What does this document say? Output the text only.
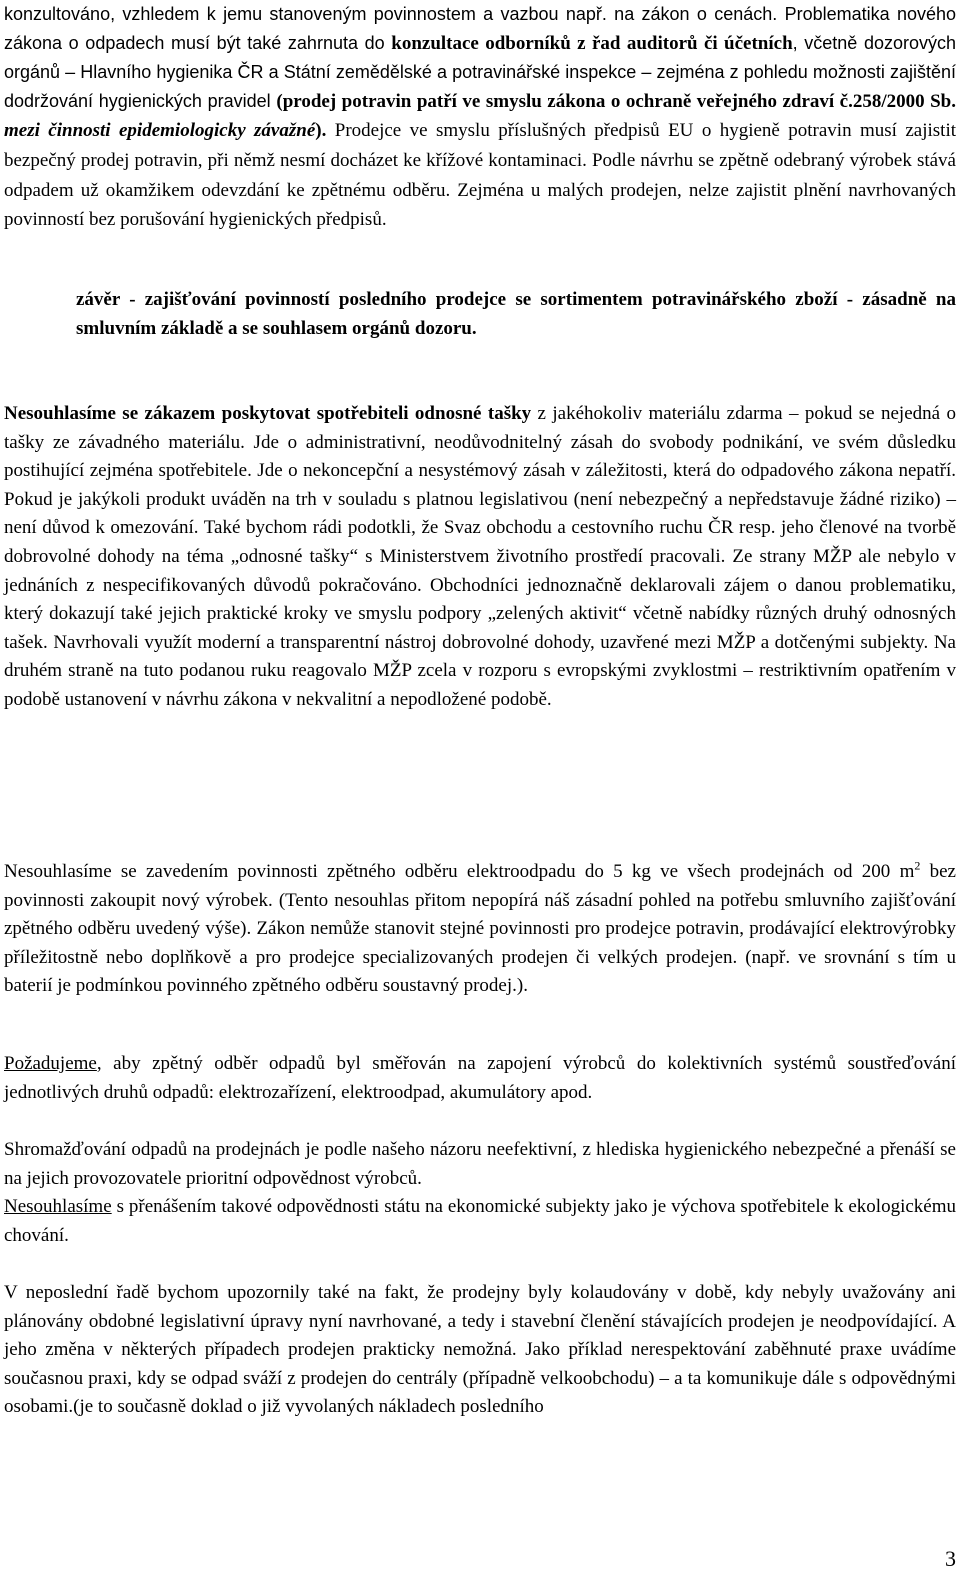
konzultováno, vzhledem k jemu stanoveným povinnostem a vazbou např. na zákon o cenách. Problematika nového zákona o odpadech musí být také zahrnuta do konzultace odborníků z řad auditorů či účetních, včetně dozorových orgánů – Hlavního hygienika ČR a Státní zemědělské a potravinářské inspekce – zejména z pohledu možnosti zajištění dodržování hygienických pravidel (prodej potravin patří ve smyslu zákona o ochraně veřejného zdraví č.258/2000 Sb. mezi činnosti epidemiologicky závažné). Prodejce ve smyslu příslušných předpisů EU o hygieně potravin musí zajistit bezpečný prodej potravin, při němž nesmí docházet ke křížové kontaminaci. Podle návrhu se zpětně odebraný výrobek stává odpadem už okamžikem odevzdání ke zpětnému odběru. Zejména u malých prodejen, nelze zajistit plnění navrhovaných povinností bez porušování hygienických předpisů.

závěr - zajišťování povinností posledního prodejce se sortimentem potravinářského zboží - zásadně na smluvním základě a se souhlasem orgánů dozoru.

Nesouhlasíme se zákazem poskytovat spotřebiteli odnosné tašky z jakéhokoliv materiálu zdarma – pokud se nejedná o tašky ze závadného materiálu. Jde o administrativní, neodůvodnitelný zásah do svobody podnikání, ve svém důsledku postihující zejména spotřebitele. Jde o nekoncepční a nesystémový zásah v záležitosti, která do odpadového zákona nepatří. Pokud je jakýkoli produkt uváděn na trh v souladu s platnou legislativou (není nebezpečný a nepředstavuje žádné riziko) – není důvod k omezování. Také bychom rádi podotkli, že Svaz obchodu a cestovního ruchu ČR resp. jeho členové na tvorbě dobrovolné dohody na téma „odnosné tašky“ s Ministerstvem životního prostředí pracovali. Ze strany MŽP ale nebylo v jednáních z nespecifikovaných důvodů pokračováno. Obchodníci jednoznačně deklarovali zájem o danou problematiku, který dokazují také jejich praktické kroky ve smyslu podpory „zelených aktivit“ včetně nabídky různých druhý odnosných tašek. Navrhovali využít moderní a transparentní nástroj dobrovolné dohody, uzavřené mezi MŽP a dotčenými subjekty. Na druhém straně na tuto podanou ruku reagovalo MŽP zcela v rozporu s evropskými zvyklostmi – restriktivním opatřením v podobě ustanovení v návrhu zákona v nekvalitní a nepodložené podobě.

Nesouhlasíme se zavedením povinnosti zpětného odběru elektroodpadu do 5 kg ve všech prodejnách od 200 $m^2$ bez povinnosti zakoupit nový výrobek. (Tento nesouhlas přitom nepopírá náš zásadní pohled na potřebu smluvního zajišťování zpětného odběru uvedený výše). Zákon nemůže stanovit stejné povinnosti pro prodejce potravin, prodávající elektrovýrobky příležitostně nebo doplňkově a pro prodejce specializovaných prodejen či velkých prodejen. (např. ve srovnání s tím u baterií je podmínkou povinného zpětného odběru soustavný prodej.).

Požadujeme, aby zpětný odběr odpadů byl směřován na zapojení výrobců do kolektivních systémů soustřeďování jednotlivých druhů odpadů: elektrozařízení, elektroodpad, akumulátory apod.

Shromažďování odpadů na prodejnách je podle našeho názoru neefektivní, z hlediska hygienického nebezpečné a přenáší se na jejich provozovatele prioritní odpovědnost výrobců.

Nesouhlasíme s přenášením takové odpovědnosti státu na ekonomické subjekty jako je výchova spotřebitele k ekologickému chování.

V neposlední řadě bychom upozornily také na fakt, že prodejny byly kolaudovány v době, kdy nebyly uvažovány ani plánovány obdobné legislativní úpravy nyní navrhované, a tedy i stavební členění stávajících prodejen je neodpovídající. A jeho změna v některých případech prodejen prakticky nemožná. Jako příklad nerespektování zaběhnuté praxe uvádíme současnou praxi, kdy se odpad sváží z prodejen do centrály (případně velkoobchodu) – a ta komunikuje dále s odpovědnými osobami.(je to současně doklad o již vyvolaných nákladech posledního

3
